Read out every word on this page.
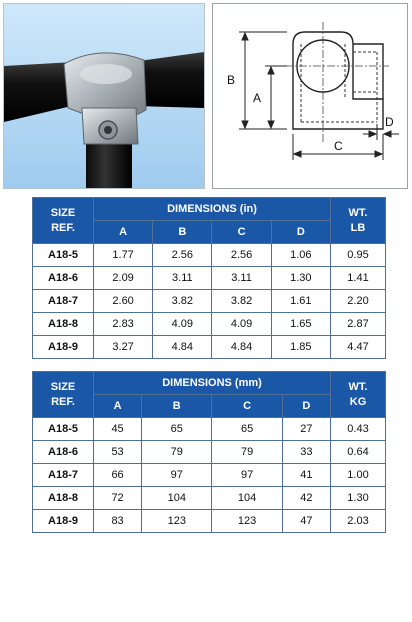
B
A
C
D
SIZE
REF.	DIMENSIONS (in)				WT.
LB
	A	B	C	D	
A18-5	1.77	2.56	2.56	1.06	0.95
A18-6	2.09	3.11	3.11	1.30	1.41
A18-7	2.60	3.82	3.82	1.61	2.20
A18-8	2.83	4.09	4.09	1.65	2.87
A18-9	3.27	4.84	4.84	1.85	4.47
SIZE
REF.	DIMENSIONS (mm)				WT.
KG
	A	B	C	D	
A18-5	45	65	65	27	0.43
A18-6	53	79	79	33	0.64
A18-7	66	97	97	41	1.00
A18-8	72	104	104	42	1.30
A18-9	83	123	123	47	2.03
